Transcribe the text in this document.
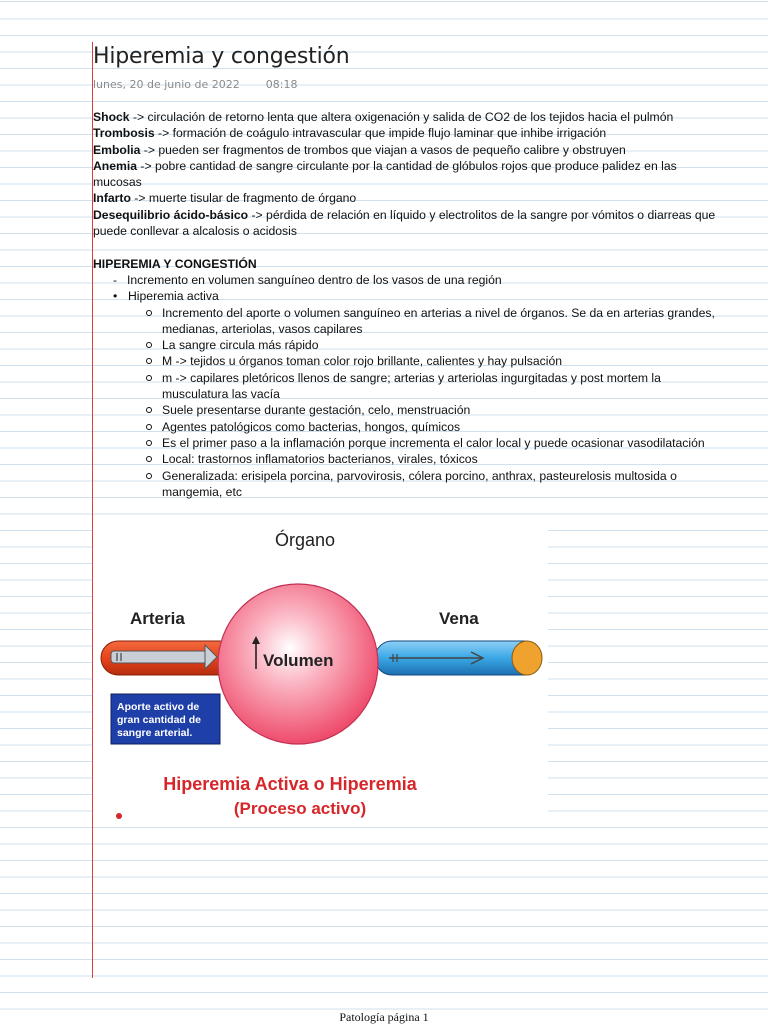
Hiperemia y congestión
lunes, 20 de junio de 2022 08:18

Shock -> circulación de retorno lenta que altera oxigenación y salida de CO2 de los tejidos hacia el pulmón

Trombosis -> formación de coágulo intravascular que impide flujo laminar que inhibe irrigación

Embolia -> pueden ser fragmentos de trombos que viajan a vasos de pequeño calibre y obstruyen

Anemia -> pobre cantidad de sangre circulante por la cantidad de glóbulos rojos que produce palidez en las mucosas

Infarto -> muerte tisular de fragmento de órgano

Desequilibrio ácido-básico -> pérdida de relación en líquido y electrolitos de la sangre por vómitos o diarreas que puede conllevar a alcalosis o acidosis

HIPEREMIA Y CONGESTIÓN

- Incremento en volumen sanguíneo dentro de los vasos de una región
• Hiperemia activa
Incremento del aporte o volumen sanguíneo en arterias a nivel de órganos. Se da en arterias grandes, medianas, arteriolas, vasos capilares
La sangre circula más rápido
M -> tejidos u órganos toman color rojo brillante, calientes y hay pulsación
m -> capilares pletóricos llenos de sangre; arterias y arteriolas ingurgitadas y post mortem la musculatura las vacía
Suele presentarse durante gestación, celo, menstruación
Agentes patológicos como bacterias, hongos, químicos
Es el primer paso a la inflamación porque incrementa el calor local y puede ocasionar vasodilatación
Local: trastornos inflamatorios bacterianos, virales, tóxicos
Generalizada: erisipela porcina, parvovirosis, cólera porcino, anthrax, pasteurelosis multosida o mangemia, etc
Volumen
Órgano
Arteria	Vena
Aporte activo de
gran cantidad de
sangre arterial.
Hiperemia Activa o Hiperemia
(Proceso activo)
Patología página 1
